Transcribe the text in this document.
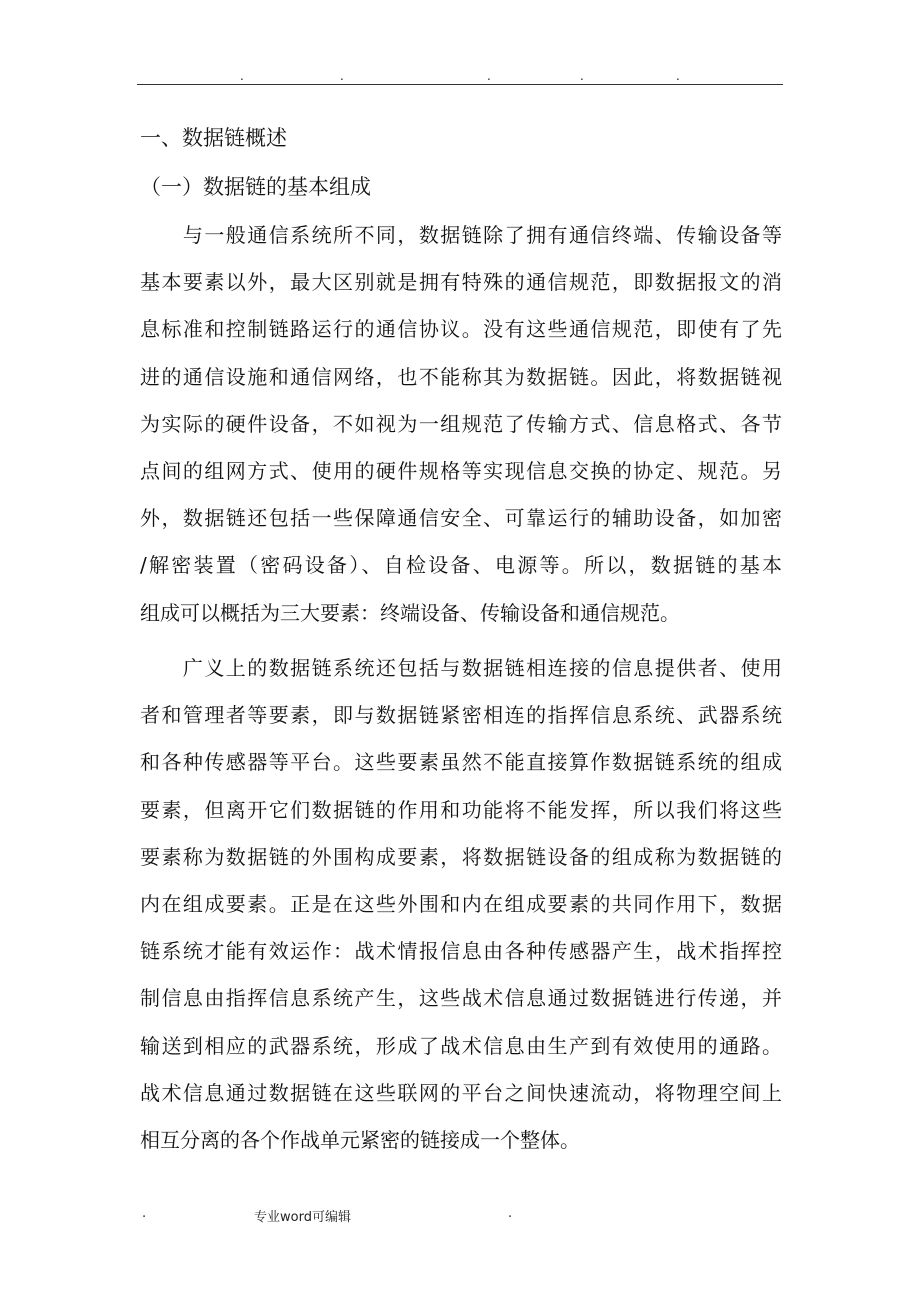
.	.	.	.	.
一、数据链概述
（一）数据链的基本组成
　　与一般通信系统所不同，数据链除了拥有通信终端、传输设备等
基本要素以外，最大区别就是拥有特殊的通信规范，即数据报文的消
息标准和控制链路运行的通信协议。没有这些通信规范，即使有了先
进的通信设施和通信网络，也不能称其为数据链。因此，将数据链视
为实际的硬件设备，不如视为一组规范了传输方式、信息格式、各节
点间的组网方式、使用的硬件规格等实现信息交换的协定、规范。另
外，数据链还包括一些保障通信安全、可靠运行的辅助设备，如加密
/解密装置（密码设备）、自检设备、电源等。所以，数据链的基本
组成可以概括为三大要素：终端设备、传输设备和通信规范。
　　广义上的数据链系统还包括与数据链相连接的信息提供者、使用
者和管理者等要素，即与数据链紧密相连的指挥信息系统、武器系统
和各种传感器等平台。这些要素虽然不能直接算作数据链系统的组成
要素，但离开它们数据链的作用和功能将不能发挥，所以我们将这些
要素称为数据链的外围构成要素，将数据链设备的组成称为数据链的
内在组成要素。正是在这些外围和内在组成要素的共同作用下，数据
链系统才能有效运作：战术情报信息由各种传感器产生，战术指挥控
制信息由指挥信息系统产生，这些战术信息通过数据链进行传递，并
输送到相应的武器系统，形成了战术信息由生产到有效使用的通路。
战术信息通过数据链在这些联网的平台之间快速流动，将物理空间上
相互分离的各个作战单元紧密的链接成一个整体。
.	专业word可编辑	.
